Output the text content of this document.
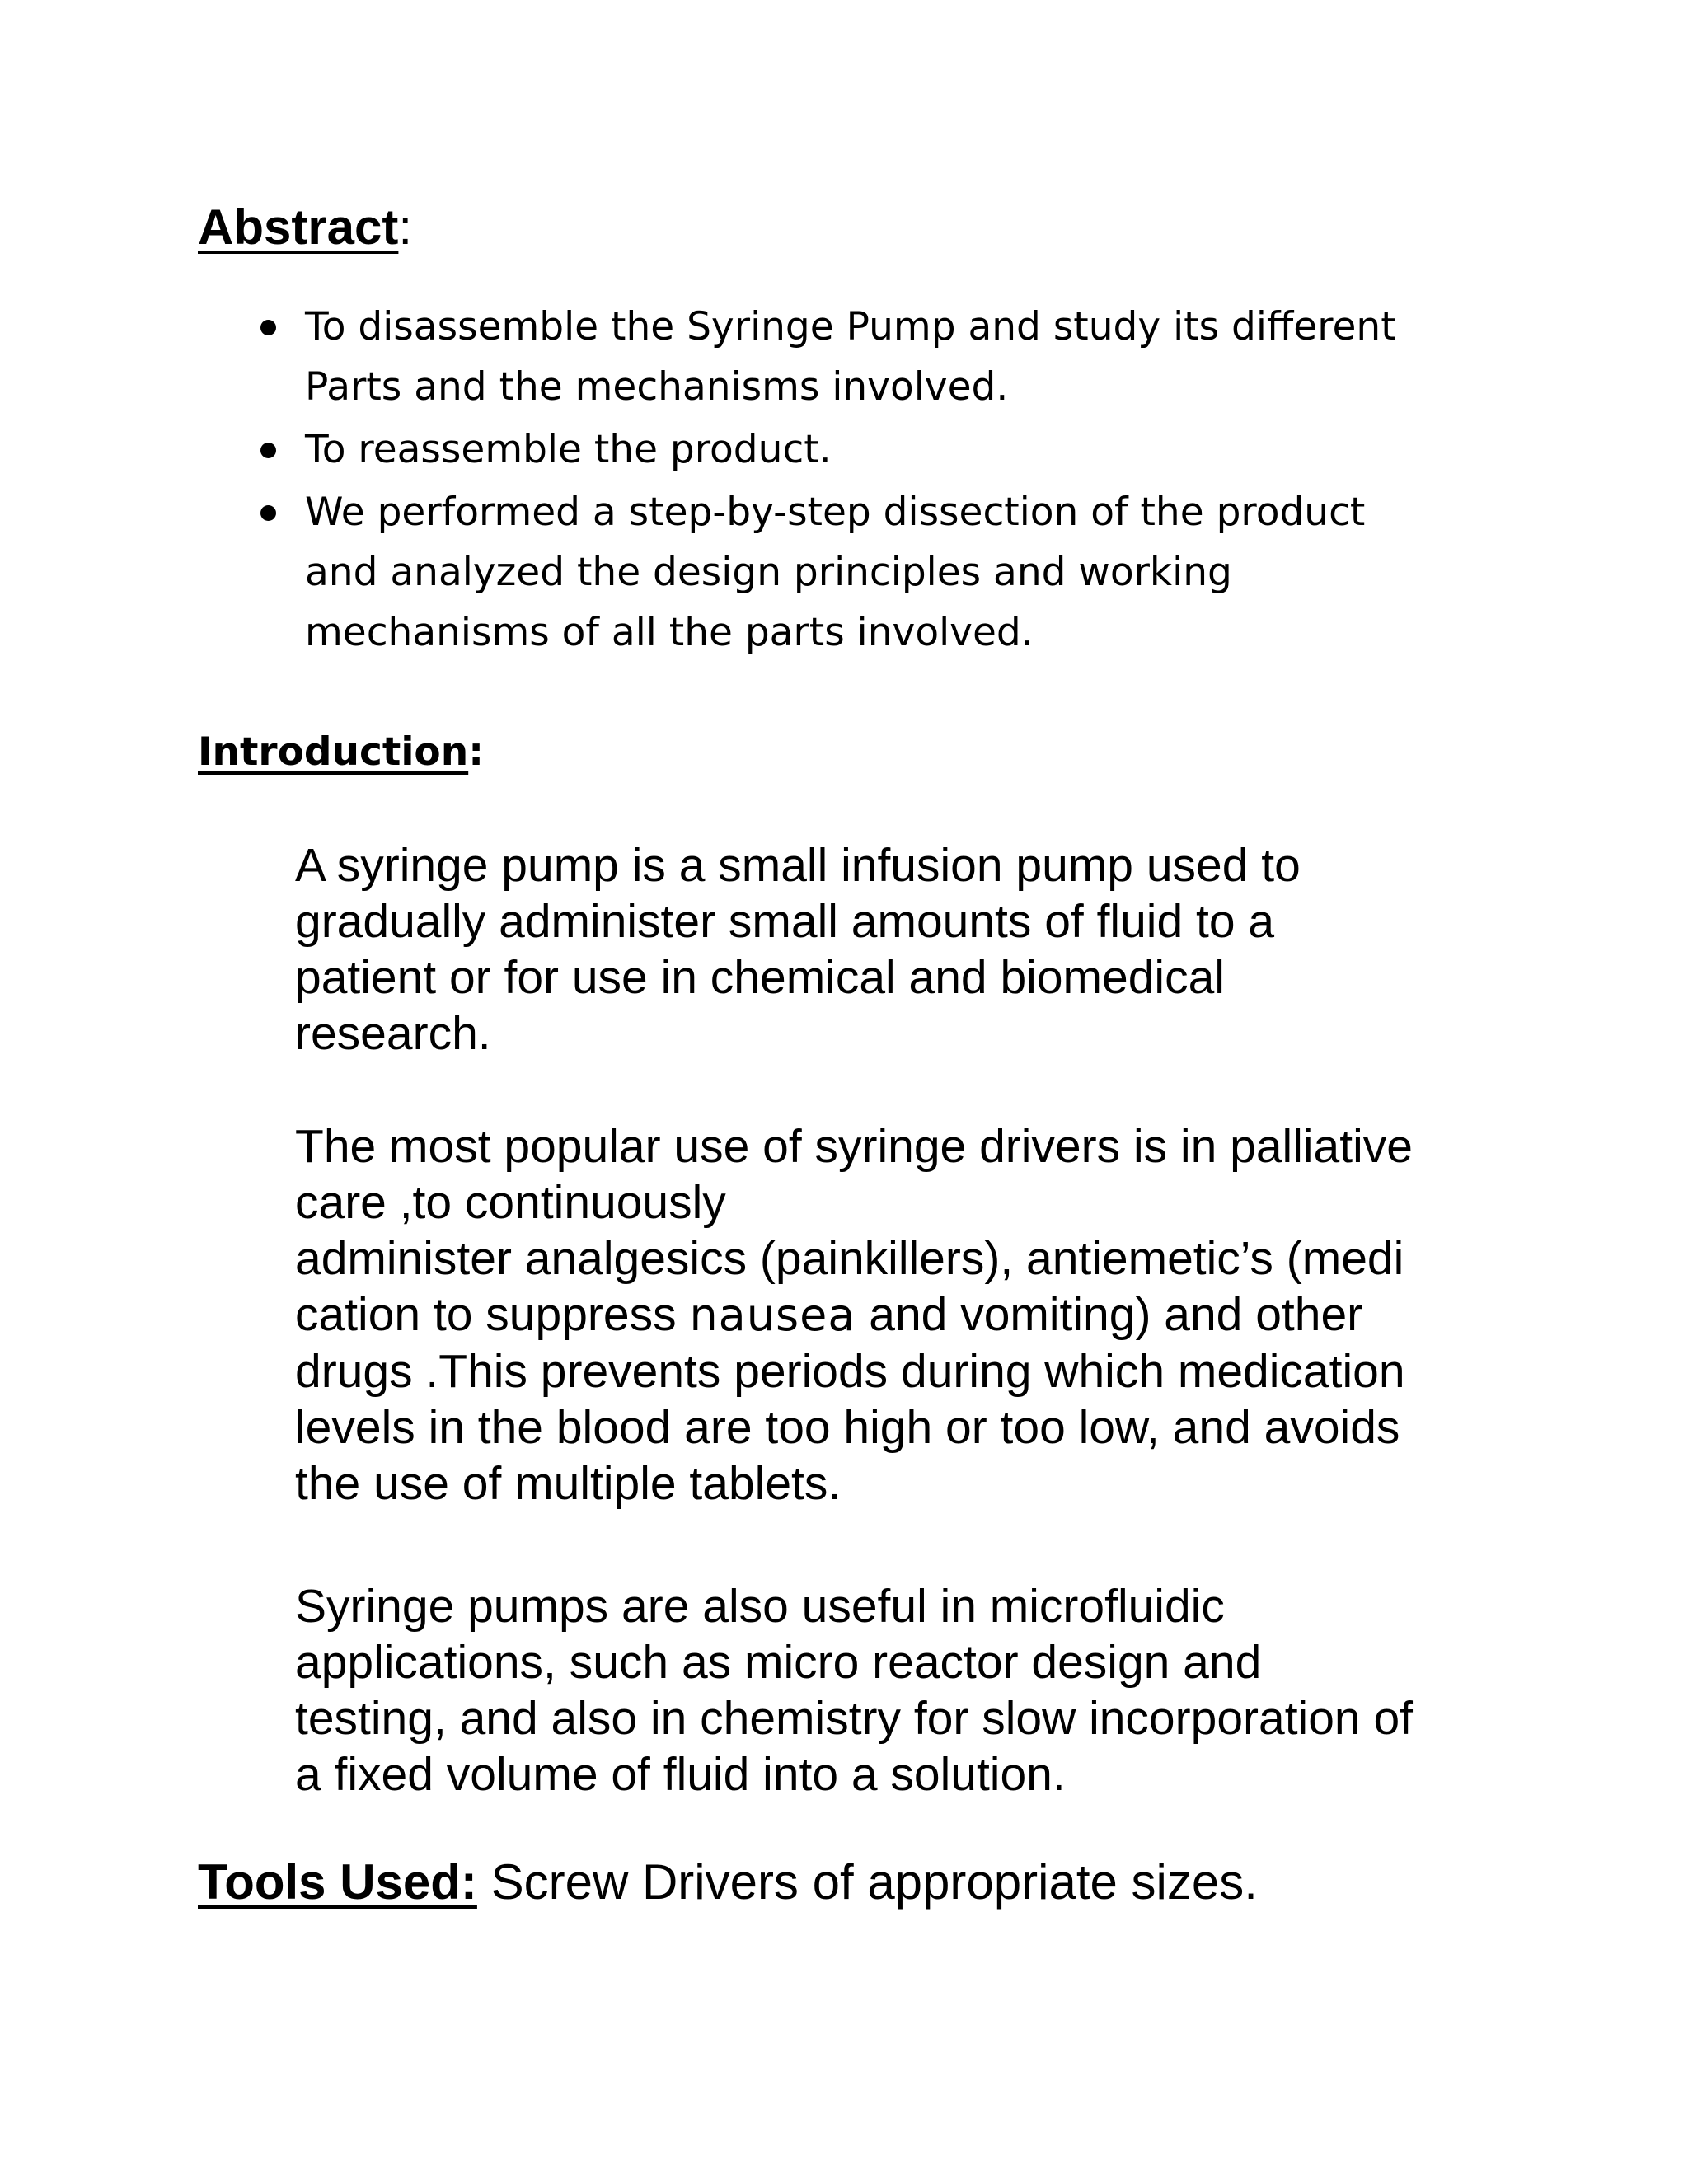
Abstract:
To disassemble the Syringe Pump and study its different
Parts and the mechanisms involved.
To reassemble the product.
We performed a step-by-step dissection of the product
and analyzed the design principles and working
mechanisms of all the parts involved.
Introduction:
A syringe pump is a small infusion pump used to
gradually administer small amounts of fluid to a
patient or for use in chemical and biomedical
research.
The most popular use of syringe drivers is in palliative
care ,to continuously
administer analgesics (painkillers), antiemetic’s (medi
cation to suppress nausea and vomiting) and other
drugs .This prevents periods during which medication
levels in the blood are too high or too low, and avoids
the use of multiple tablets.
Syringe pumps are also useful in microfluidic
applications, such as micro reactor design and
testing, and also in chemistry for slow incorporation of
a fixed volume of fluid into a solution.
Tools Used: Screw Drivers of appropriate sizes.
